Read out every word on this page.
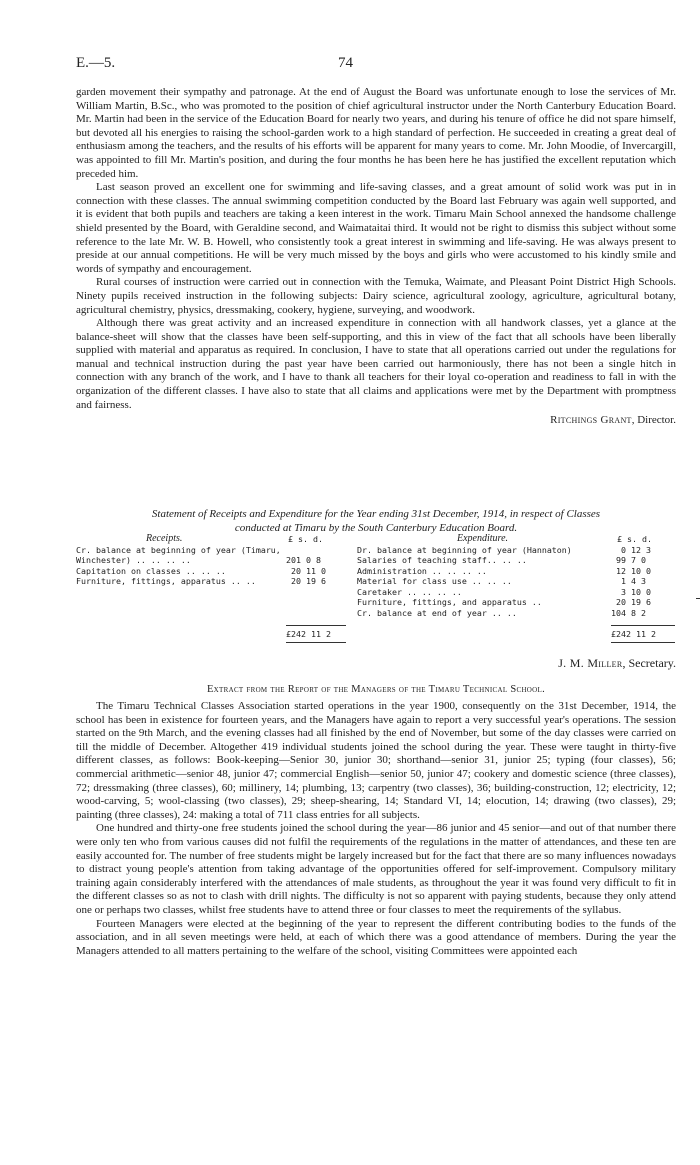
E.—5.	74

garden movement their sympathy and patronage. At the end of August the Board was unfortunate enough to lose the services of Mr. William Martin, B.Sc., who was promoted to the position of chief agricultural instructor under the North Canterbury Education Board. Mr. Martin had been in the service of the Education Board for nearly two years, and during his tenure of office he did not spare himself, but devoted all his energies to raising the school-garden work to a high standard of perfection. He succeeded in creating a great deal of enthusiasm among the teachers, and the results of his efforts will be apparent for many years to come. Mr. John Moodie, of Invercargill, was appointed to fill Mr. Martin's position, and during the four months he has been here he has justified the excellent reputation which preceded him.

Last season proved an excellent one for swimming and life-saving classes, and a great amount of solid work was put in in connection with these classes. The annual swimming competition conducted by the Board last February was again well supported, and it is evident that both pupils and teachers are taking a keen interest in the work. Timaru Main School annexed the handsome challenge shield presented by the Board, with Geraldine second, and Waimataitai third. It would not be right to dismiss this subject without some reference to the late Mr. W. B. Howell, who consistently took a great interest in swimming and life-saving. He was always present to preside at our annual competitions. He will be very much missed by the boys and girls who were accustomed to his kindly smile and words of sympathy and encouragement.

Rural courses of instruction were carried out in connection with the Temuka, Waimate, and Pleasant Point District High Schools. Ninety pupils received instruction in the following subjects: Dairy science, agricultural zoology, agriculture, agricultural botany, agricultural chemistry, physics, dressmaking, cookery, hygiene, surveying, and woodwork.

Although there was great activity and an increased expenditure in connection with all handwork classes, yet a glance at the balance-sheet will show that the classes have been self-supporting, and this in view of the fact that all schools have been liberally supplied with material and apparatus as required. In conclusion, I have to state that all operations carried out under the regulations for manual and technical instruction during the past year have been carried out harmoniously, there has not been a single hitch in connection with any branch of the work, and I have to thank all teachers for their loyal co-operation and readiness to fall in with the organization of the different classes. I have also to state that all claims and applications were met by the Department with promptness and fairness.

Ritchings Grant, Director.
Statement of Receipts and Expenditure for the Year ending 31st December, 1914, in respect of Classes
conducted at Timaru by the South Canterbury Education Board.
Receipts.	£ s. d.
Cr. balance at beginning of year (Timaru,
Winchester) .. .. .. ..	201 0 8
Capitation on classes .. .. ..	20 11 0
Furniture, fittings, apparatus .. ..	20 19 6
£242 11 2
Expenditure.	£ s. d.
Dr. balance at beginning of year (Hannaton)	0 12 3
Salaries of teaching staff.. .. ..	99 7 0
Administration .. .. .. ..	12 10 0
Material for class use .. .. ..	1 4 3
Caretaker .. .. .. ..	3 10 0
Furniture, fittings, and apparatus ..	20 19 6
Cr. balance at end of year .. ..	104 8 2
£242 11 2
J. M. Miller, Secretary.
Extract from the Report of the Managers of the Timaru Technical School.

The Timaru Technical Classes Association started operations in the year 1900, consequently on the 31st December, 1914, the school has been in existence for fourteen years, and the Managers have again to report a very successful year's operations. The session started on the 9th March, and the evening classes had all finished by the end of November, but some of the day classes were carried on till the middle of December. Altogether 419 individual students joined the school during the year. These were taught in thirty-five different classes, as follows: Book-keeping—Senior 30, junior 30; shorthand—senior 31, junior 25; typing (four classes), 56; commercial arithmetic—senior 48, junior 47; commercial English—senior 50, junior 47; cookery and domestic science (three classes), 72; dressmaking (three classes), 60; millinery, 14; plumbing, 13; carpentry (two classes), 36; building-construction, 12; electricity, 12; wood-carving, 5; wool-classing (two classes), 29; sheep-shearing, 14; Standard VI, 14; elocution, 14; drawing (two classes), 29; painting (three classes), 24: making a total of 711 class entries for all subjects.

One hundred and thirty-one free students joined the school during the year—86 junior and 45 senior—and out of that number there were only ten who from various causes did not fulfil the requirements of the regulations in the matter of attendances, and these ten are easily accounted for. The number of free students might be largely increased but for the fact that there are so many influences nowadays to distract young people's attention from taking advantage of the opportunities offered for self-improvement. Compulsory military training again considerably interfered with the attendances of male students, as throughout the year it was found very difficult to fit in the different classes so as not to clash with drill nights. The difficulty is not so apparent with paying students, because they only attend one or perhaps two classes, whilst free students have to attend three or four classes to meet the requirements of the syllabus.

Fourteen Managers were elected at the beginning of the year to represent the different contributing bodies to the funds of the association, and in all seven meetings were held, at each of which there was a good attendance of members. During the year the Managers attended to all matters pertaining to the welfare of the school, visiting Committees were appointed each
